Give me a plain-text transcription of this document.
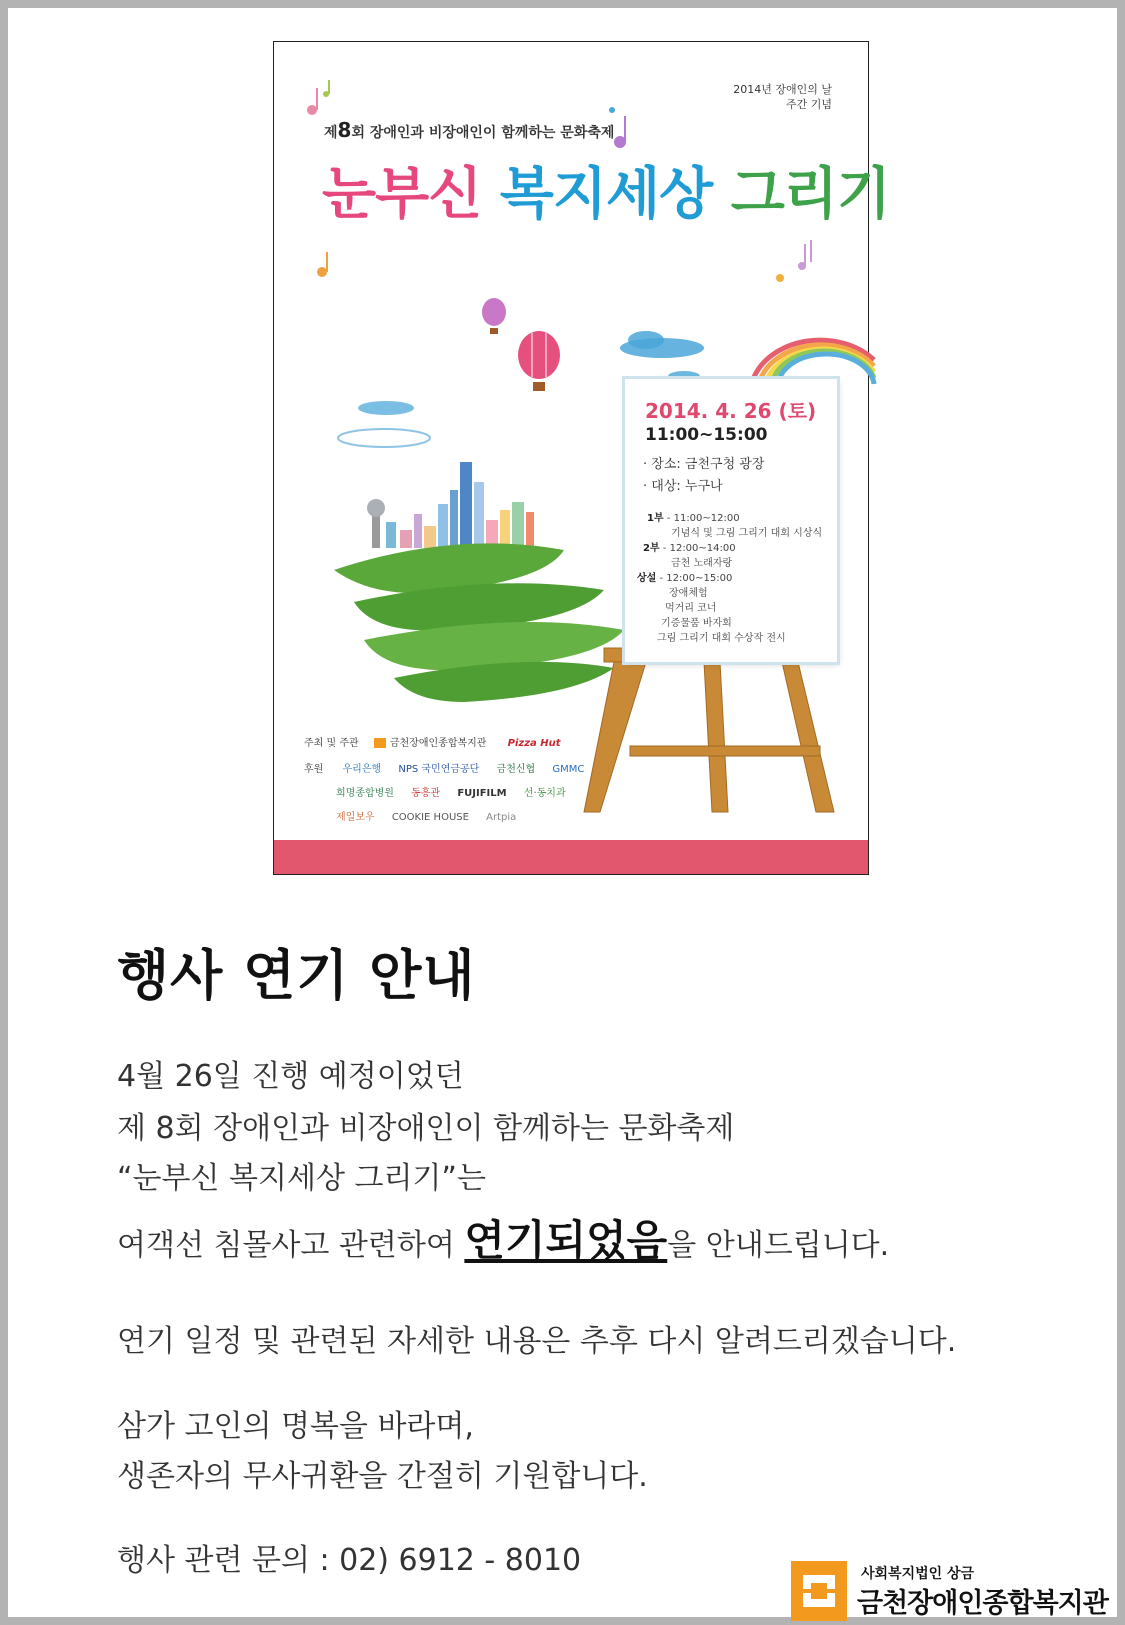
2014년 장애인의 날
주간 기념
제8회 장애인과 비장애인이 함께하는 문화축제
눈부신 복지세상 그리기
2014. 4. 26 (토)
11:00~15:00
· 장소: 금천구청 광장
· 대상: 누구나
1부 - 11:00~12:00
기념식 및 그림 그리기 대회 시상식
2부 - 12:00~14:00
금천 노래자랑
상설 - 12:00~15:00
장애체험
먹거리 코너
기증물품 바자회
그림 그리기 대회 수상작 전시
주최 및 주관	금천장애인종합복지관 Pizza Hut
후원 우리은행 NPS 국민연금공단 금천신협 GMMC
희명종합병원 동흥관 FUJIFILM 선·동치과
제일보우 COOKIE HOUSE Artpia
행사 연기 안내
4월 26일 진행 예정이었던
제 8회 장애인과 비장애인이 함께하는 문화축제
“눈부신 복지세상 그리기”는
여객선 침몰사고 관련하여 연기되었음을 안내드립니다.
연기 일정 및 관련된 자세한 내용은 추후 다시 알려드리겠습니다.
삼가 고인의 명복을 바라며,
생존자의 무사귀환을 간절히 기원합니다.
행사 관련 문의 : 02) 6912 - 8010	사회복지법인 상금
금천장애인종합복지관
